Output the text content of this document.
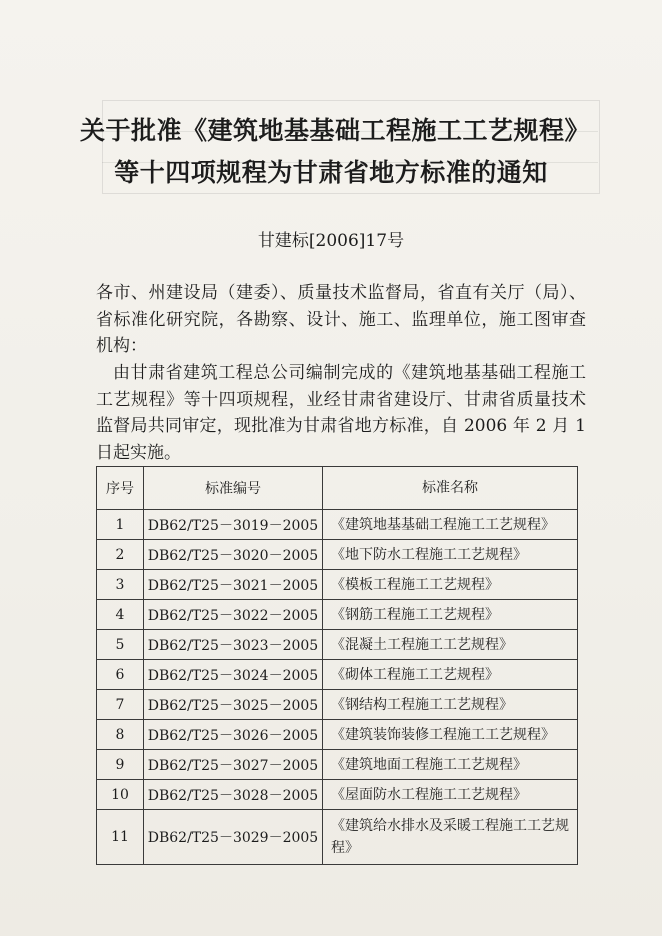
关于批准《建筑地基基础工程施工工艺规程》
等十四项规程为甘肃省地方标准的通知
甘建标[2006]17号
各市、州建设局（建委）、质量技术监督局，省直有关厅（局）、省标准化研究院，各勘察、设计、施工、监理单位，施工图审查机构：
由甘肃省建筑工程总公司编制完成的《建筑地基基础工程施工工艺规程》等十四项规程，业经甘肃省建设厅、甘肃省质量技术监督局共同审定，现批准为甘肃省地方标准，自 2006 年 2 月 1 日起实施。
序号	标准编号	标准名称
1	DB62/T25－3019－2005	《建筑地基基础工程施工工艺规程》
2	DB62/T25－3020－2005	《地下防水工程施工工艺规程》
3	DB62/T25－3021－2005	《模板工程施工工艺规程》
4	DB62/T25－3022－2005	《钢筋工程施工工艺规程》
5	DB62/T25－3023－2005	《混凝土工程施工工艺规程》
6	DB62/T25－3024－2005	《砌体工程施工工艺规程》
7	DB62/T25－3025－2005	《钢结构工程施工工艺规程》
8	DB62/T25－3026－2005	《建筑装饰装修工程施工工艺规程》
9	DB62/T25－3027－2005	《建筑地面工程施工工艺规程》
10	DB62/T25－3028－2005	《屋面防水工程施工工艺规程》
11	DB62/T25－3029－2005	《建筑给水排水及采暖工程施工工艺规程》
